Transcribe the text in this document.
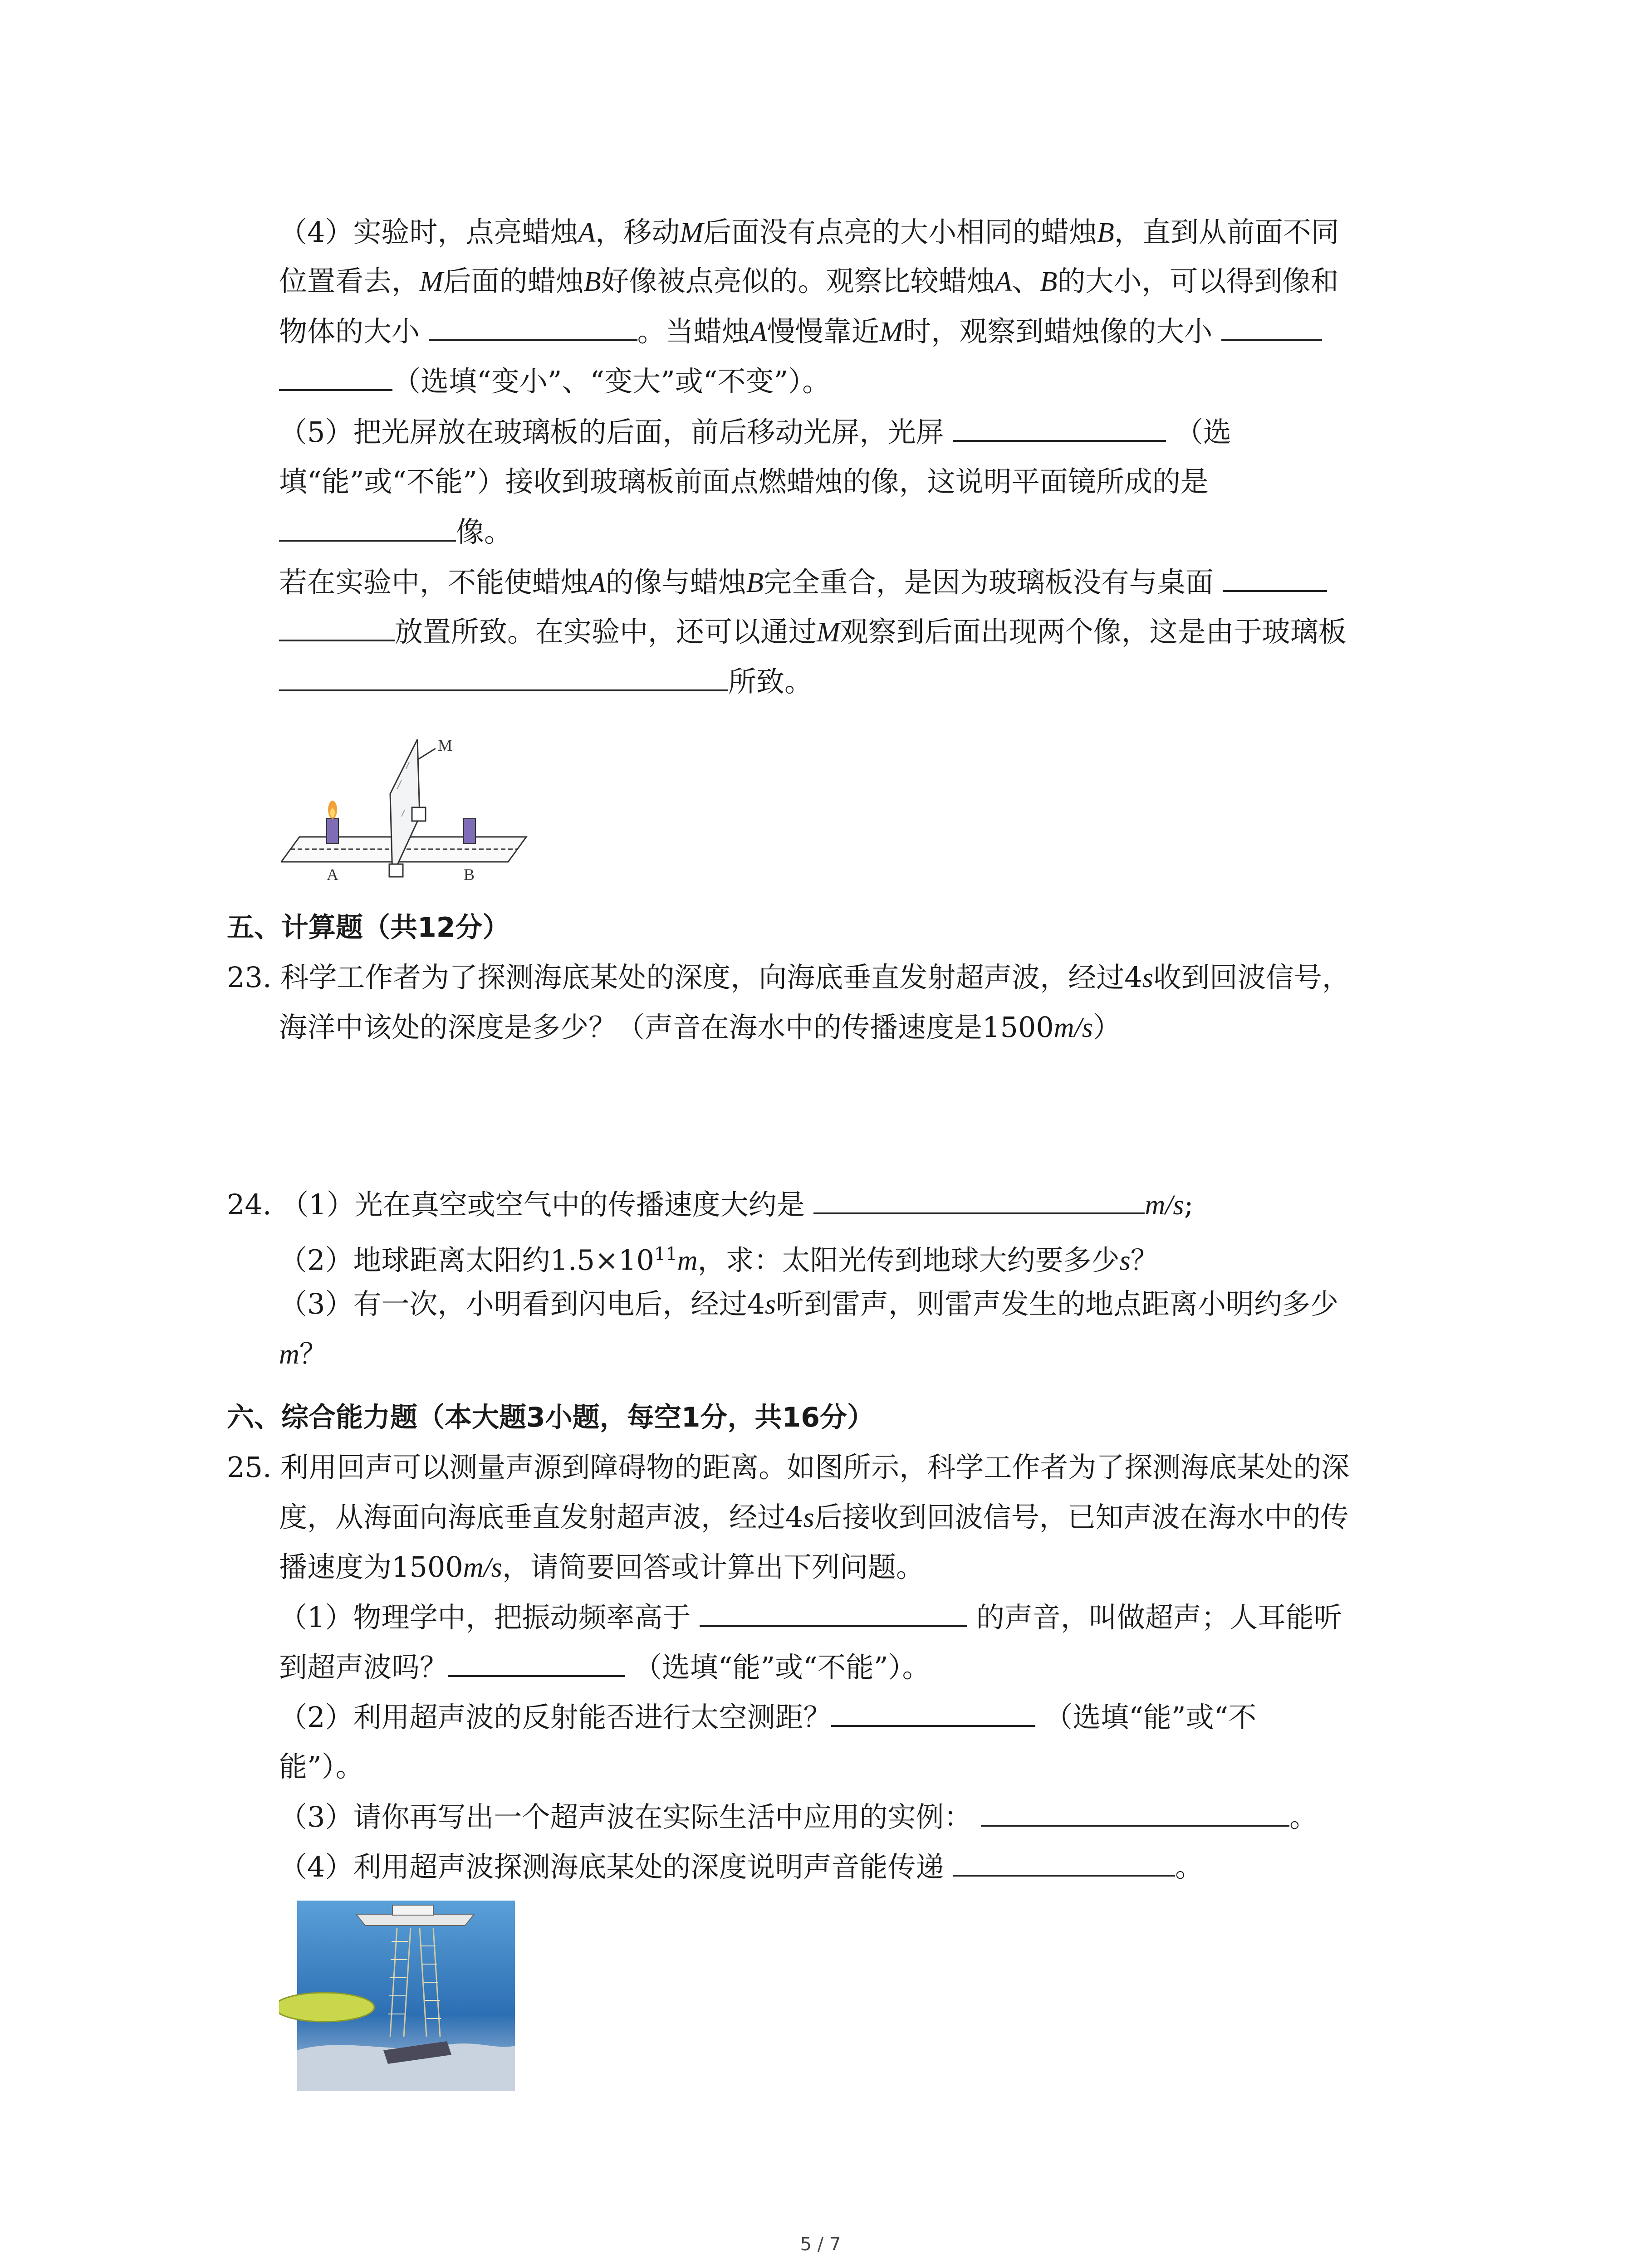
（4）实验时，点亮蜡烛A，移动M后面没有点亮的大小相同的蜡烛B，直到从前面不同
位置看去，M后面的蜡烛B好像被点亮似的。观察比较蜡烛A、B的大小，可以得到像和
物体的大小	。当蜡烛A慢慢靠近M时，观察到蜡烛像的大小
（选填“变小”、“变大”或“不变”）。
（5）把光屏放在玻璃板的后面，前后移动光屏，光屏	（选
填“能”或“不能”）接收到玻璃板前面点燃蜡烛的像，这说明平面镜所成的是
像。
若在实验中，不能使蜡烛A的像与蜡烛B完全重合，是因为玻璃板没有与桌面
放置所致。在实验中，还可以通过M观察到后面出现两个像，这是由于玻璃板
所致。
M
A	B
五、计算题（共12分）
23. 科学工作者为了探测海底某处的深度，向海底垂直发射超声波，经过4s收到回波信号，
海洋中该处的深度是多少？（声音在海水中的传播速度是1500m/s）
24. （1）光在真空或空气中的传播速度大约是	m/s;
（2）地球距离太阳约$1.5\times 10^{11}m$，求：太阳光传到地球大约要多少s？
（3）有一次，小明看到闪电后，经过4s听到雷声，则雷声发生的地点距离小明约多少
m？
六、综合能力题（本大题3小题，每空1分，共16分）
25. 利用回声可以测量声源到障碍物的距离。如图所示，科学工作者为了探测海底某处的深
度，从海面向海底垂直发射超声波，经过4s后接收到回波信号，已知声波在海水中的传
播速度为1500m/s，请简要回答或计算出下列问题。
（1）物理学中，把振动频率高于	的声音，叫做超声；人耳能听
到超声波吗？	（选填“能”或“不能”）。
（2）利用超声波的反射能否进行太空测距？	（选填“能”或“不
能”）。
（3）请你再写出一个超声波在实际生活中应用的实例：	。
（4）利用超声波探测海底某处的深度说明声音能传递	。
5 / 7
